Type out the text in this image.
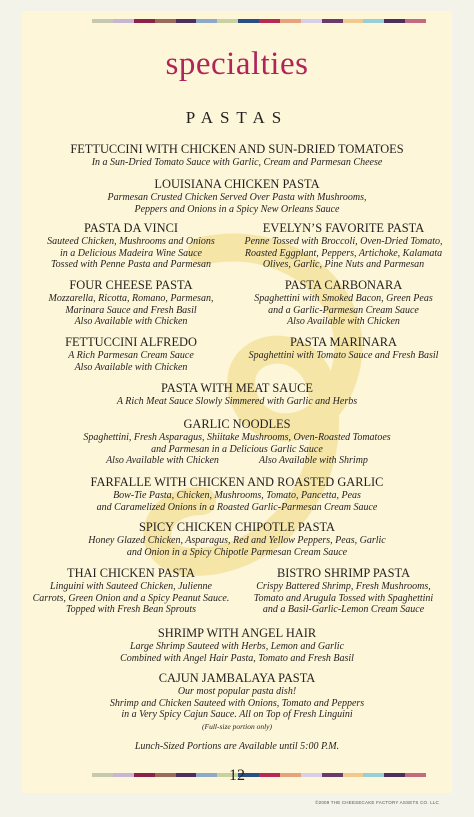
specialties
PASTAS
FETTUCCINI WITH CHICKEN AND SUN-DRIED TOMATOES
In a Sun-Dried Tomato Sauce with Garlic, Cream and Parmesan Cheese
LOUISIANA CHICKEN PASTA
Parmesan Crusted Chicken Served Over Pasta with Mushrooms,
Peppers and Onions in a Spicy New Orleans Sauce
PASTA DA VINCI
Sauteed Chicken, Mushrooms and Onions
in a Delicious Madeira Wine Sauce
Tossed with Penne Pasta and Parmesan
EVELYN’S FAVORITE PASTA
Penne Tossed with Broccoli, Oven-Dried Tomato,
Roasted Eggplant, Peppers, Artichoke, Kalamata
Olives, Garlic, Pine Nuts and Parmesan
FOUR CHEESE PASTA
Mozzarella, Ricotta, Romano, Parmesan,
Marinara Sauce and Fresh Basil
Also Available with Chicken
PASTA CARBONARA
Spaghettini with Smoked Bacon, Green Peas
and a Garlic-Parmesan Cream Sauce
Also Available with Chicken
FETTUCCINI ALFREDO
A Rich Parmesan Cream Sauce
Also Available with Chicken
PASTA MARINARA
Spaghettini with Tomato Sauce and Fresh Basil
PASTA WITH MEAT SAUCE
A Rich Meat Sauce Slowly Simmered with Garlic and Herbs
GARLIC NOODLES
Spaghettini, Fresh Asparagus, Shiitake Mushrooms, Oven-Roasted Tomatoes
and Parmesan in a Delicious Garlic Sauce
Also Available with Chicken	Also Available with Shrimp
FARFALLE WITH CHICKEN AND ROASTED GARLIC
Bow-Tie Pasta, Chicken, Mushrooms, Tomato, Pancetta, Peas
and Caramelized Onions in a Roasted Garlic-Parmesan Cream Sauce
SPICY CHICKEN CHIPOTLE PASTA
Honey Glazed Chicken, Asparagus, Red and Yellow Peppers, Peas, Garlic
and Onion in a Spicy Chipotle Parmesan Cream Sauce
THAI CHICKEN PASTA
Linguini with Sauteed Chicken, Julienne
Carrots, Green Onion and a Spicy Peanut Sauce.
Topped with Fresh Bean Sprouts
BISTRO SHRIMP PASTA
Crispy Battered Shrimp, Fresh Mushrooms,
Tomato and Arugula Tossed with Spaghettini
and a Basil-Garlic-Lemon Cream Sauce
SHRIMP WITH ANGEL HAIR
Large Shrimp Sauteed with Herbs, Lemon and Garlic
Combined with Angel Hair Pasta, Tomato and Fresh Basil
CAJUN JAMBALAYA PASTA
Our most popular pasta dish!
Shrimp and Chicken Sauteed with Onions, Tomato and Peppers
in a Very Spicy Cajun Sauce. All on Top of Fresh Linguini
(Full-size portion only)
Lunch-Sized Portions are Available until 5:00 P.M.
12
©2009 THE CHEESECAKE FACTORY ASSETS CO. LLC
